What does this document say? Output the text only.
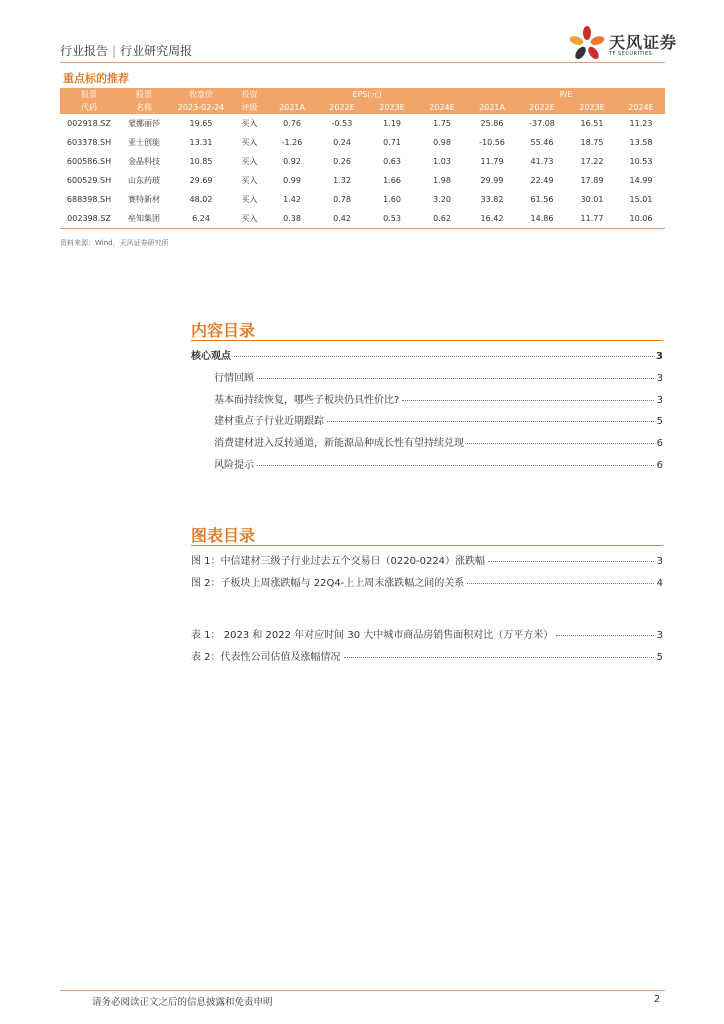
行业报告 | 行业研究周报	天风证券
TF SECURITIES
重点标的推荐
股票	股票	收盘价	投资	EPS(元)				P/E			
代码	名称	2023-02-24	评级	2021A	2022E	2023E	2024E	2021A	2022E	2023E	2024E
002918.SZ	蒙娜丽莎	19.65	买入	0.76	-0.53	1.19	1.75	25.86	-37.08	16.51	11.23
603378.SH	亚士创能	13.31	买入	-1.26	0.24	0.71	0.98	-10.56	55.46	18.75	13.58
600586.SH	金晶科技	10.85	买入	0.92	0.26	0.63	1.03	11.79	41.73	17.22	10.53
600529.SH	山东药玻	29.69	买入	0.99	1.32	1.66	1.98	29.99	22.49	17.89	14.99
688398.SH	赛特新材	48.02	买入	1.42	0.78	1.60	3.20	33.82	61.56	30.01	15.01
002398.SZ	垒知集团	6.24	买入	0.38	0.42	0.53	0.62	16.42	14.86	11.77	10.06
资料来源：Wind，天风证券研究所
内容目录
核心观点	3
行情回顾	3
基本面持续恢复，哪些子板块仍具性价比?	3
建材重点子行业近期跟踪	5
消费建材进入反转通道，新能源品种成长性有望持续兑现	6
风险提示	6
图表目录
图 1：中信建材三级子行业过去五个交易日（0220-0224）涨跌幅	3
图 2：子板块上周涨跌幅与 22Q4-上上周末涨跌幅之间的关系	4
表 1： 2023 和 2022 年对应时间 30 大中城市商品房销售面积对比（万平方米）	3
表 2：代表性公司估值及涨幅情况	5
请务必阅读正文之后的信息披露和免责申明	2
